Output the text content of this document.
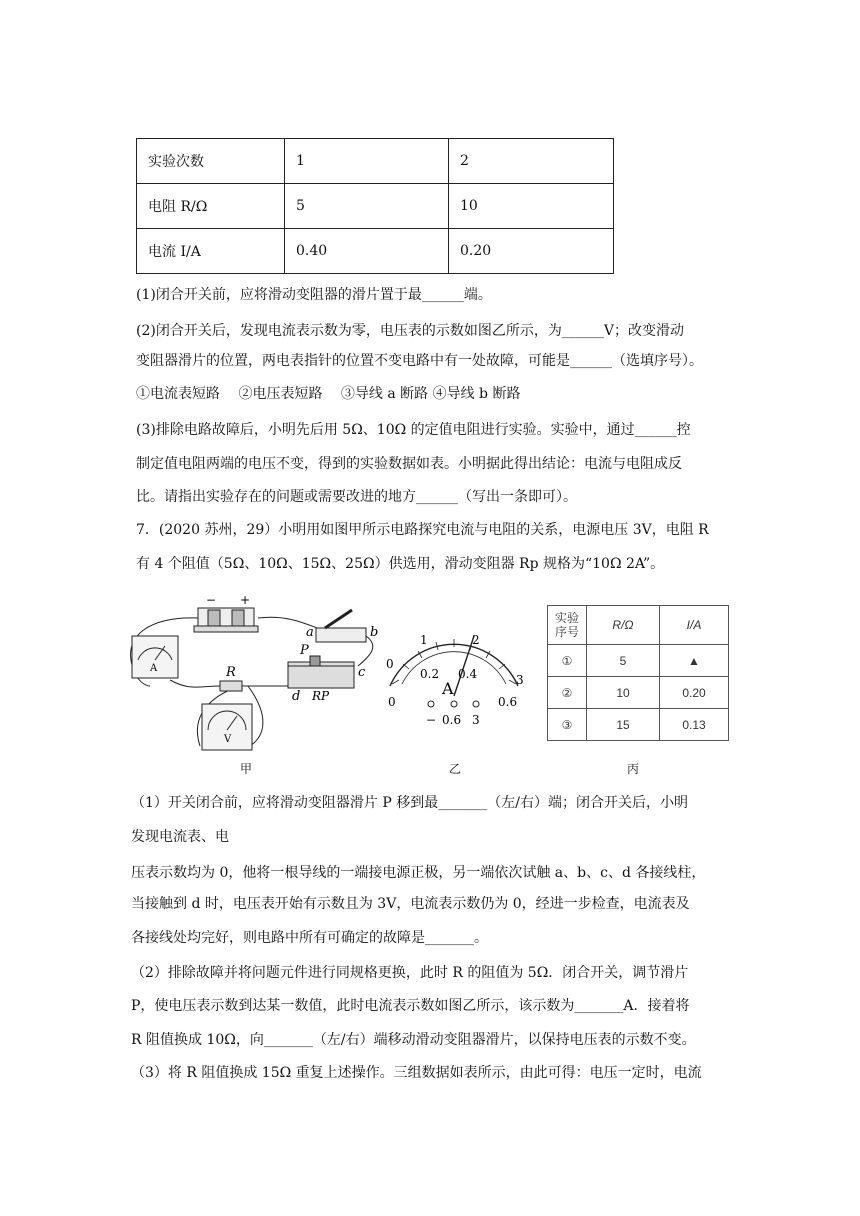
实验次数	1	2
电阻 R/Ω	5	10
电流 I/A	0.40	0.20
(1)闭合开关前，应将滑动变阻器的滑片置于最______端。
(2)闭合开关后，发现电流表示数为零，电压表的示数如图乙所示，为______V；改变滑动
变阻器滑片的位置，两电表指针的位置不变电路中有一处故障，可能是______（选填序号）。
①电流表短路　 ②电压表短路　 ③导线 a 断路 ④导线 b 断路
(3)排除电路故障后，小明先后用 5Ω、10Ω 的定值电阻进行实验。实验中，通过______控
制定值电阻两端的电压不变，得到的实验数据如表。小明据此得出结论：电流与电阻成反
比。请指出实验存在的问题或需要改进的地方______（写出一条即可）。
7．(2020 苏州，29）小明用如图甲所示电路探究电流与电阻的关系，电源电压 3V，电阻 R
有 4 个阻值（5Ω、10Ω、15Ω、25Ω）供选用，滑动变阻器 Rp 规格为“10Ω 2A”。
− +
A	R
V
a	b
P
c
d RP
0
1	2
3
0
0.2 0.4
0.6
A
− 0.6 3
实验
序号	R/Ω	I/A
①	5	▲
②	10	0.20
③	15	0.13
甲	乙	丙
（1）开关闭合前，应将滑动变阻器滑片 P 移到最_______（左/右）端；闭合开关后，小明
发现电流表、电
压表示数均为 0，他将一根导线的一端接电源正极，另一端依次试触 a、b、c、d 各接线柱，
当接触到 d 时，电压表开始有示数且为 3V，电流表示数仍为 0，经进一步检查，电流表及
各接线处均完好，则电路中所有可确定的故障是_______。
（2）排除故障并将问题元件进行同规格更换，此时 R 的阻值为 5Ω．闭合开关，调节滑片
P，使电压表示数到达某一数值，此时电流表示数如图乙所示，该示数为_______A．接着将
R 阻值换成 10Ω，向_______（左/右）端移动滑动变阻器滑片，以保持电压表的示数不变。
（3）将 R 阻值换成 15Ω 重复上述操作。三组数据如表所示，由此可得：电压一定时，电流
